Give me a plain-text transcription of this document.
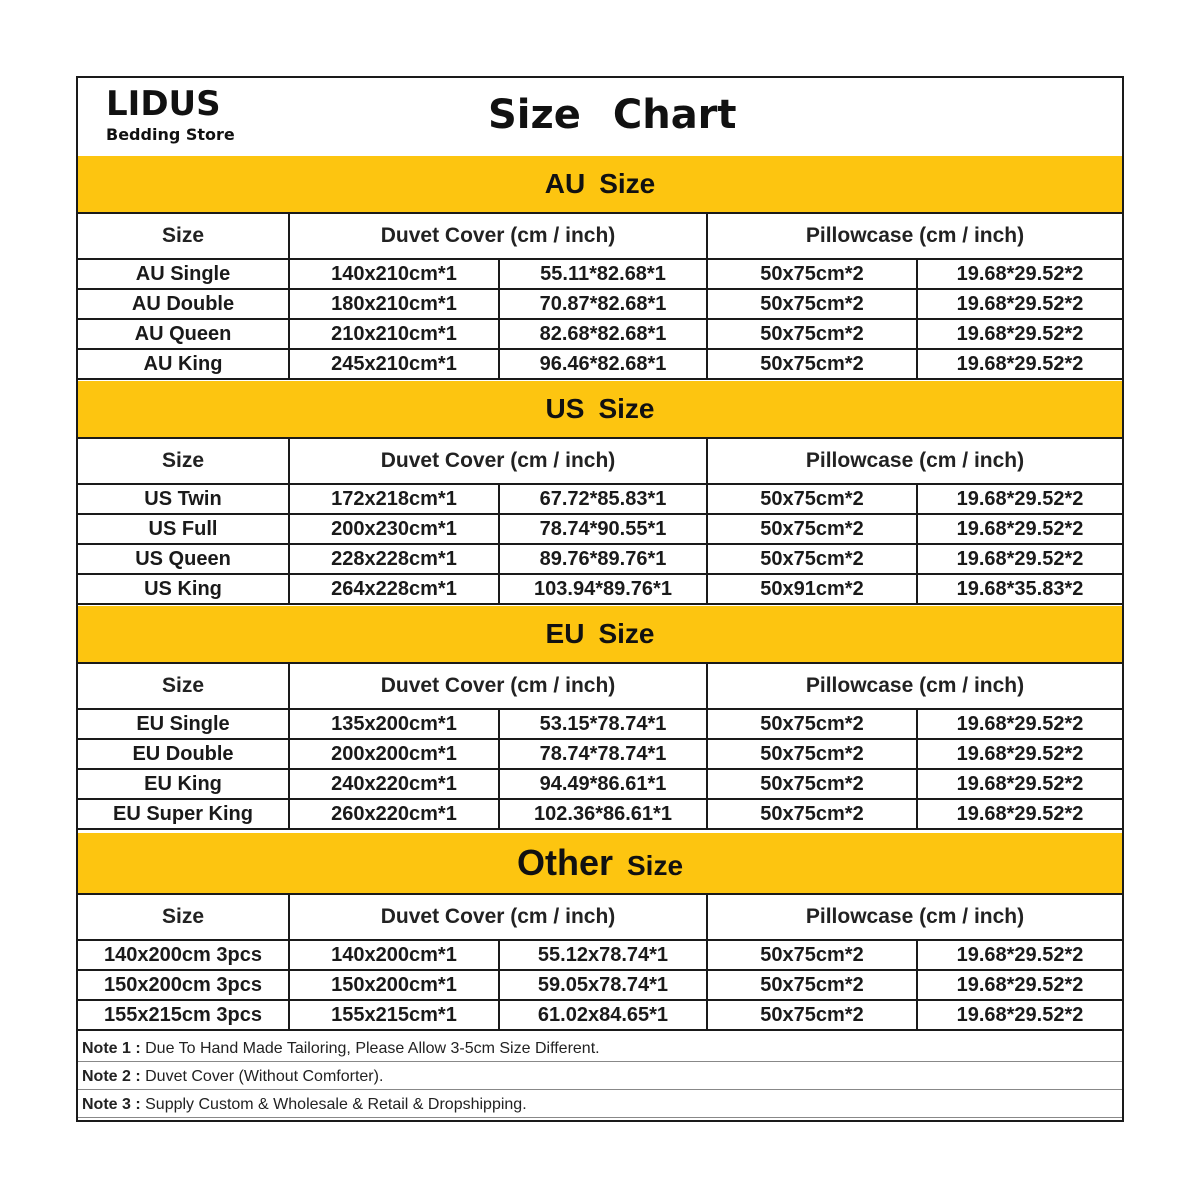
LIDUS
Bedding Store	Size Chart
AU Size
Size	Duvet Cover (cm / inch)	Pillowcase (cm / inch)
AU Single	140x210cm*1	55.11*82.68*1	50x75cm*2	19.68*29.52*2
AU Double	180x210cm*1	70.87*82.68*1	50x75cm*2	19.68*29.52*2
AU Queen	210x210cm*1	82.68*82.68*1	50x75cm*2	19.68*29.52*2
AU King	245x210cm*1	96.46*82.68*1	50x75cm*2	19.68*29.52*2
US Size
Size	Duvet Cover (cm / inch)	Pillowcase (cm / inch)
US Twin	172x218cm*1	67.72*85.83*1	50x75cm*2	19.68*29.52*2
US Full	200x230cm*1	78.74*90.55*1	50x75cm*2	19.68*29.52*2
US Queen	228x228cm*1	89.76*89.76*1	50x75cm*2	19.68*29.52*2
US King	264x228cm*1	103.94*89.76*1	50x91cm*2	19.68*35.83*2
EU Size
Size	Duvet Cover (cm / inch)	Pillowcase (cm / inch)
EU Single	135x200cm*1	53.15*78.74*1	50x75cm*2	19.68*29.52*2
EU Double	200x200cm*1	78.74*78.74*1	50x75cm*2	19.68*29.52*2
EU King	240x220cm*1	94.49*86.61*1	50x75cm*2	19.68*29.52*2
EU Super King	260x220cm*1	102.36*86.61*1	50x75cm*2	19.68*29.52*2
Other Size
Size	Duvet Cover (cm / inch)	Pillowcase (cm / inch)
140x200cm 3pcs	140x200cm*1	55.12x78.74*1	50x75cm*2	19.68*29.52*2
150x200cm 3pcs	150x200cm*1	59.05x78.74*1	50x75cm*2	19.68*29.52*2
155x215cm 3pcs	155x215cm*1	61.02x84.65*1	50x75cm*2	19.68*29.52*2
Note 1 : Due To Hand Made Tailoring, Please Allow 3-5cm Size Different.
Note 2 : Duvet Cover (Without Comforter).
Note 3 : Supply Custom & Wholesale & Retail & Dropshipping.
